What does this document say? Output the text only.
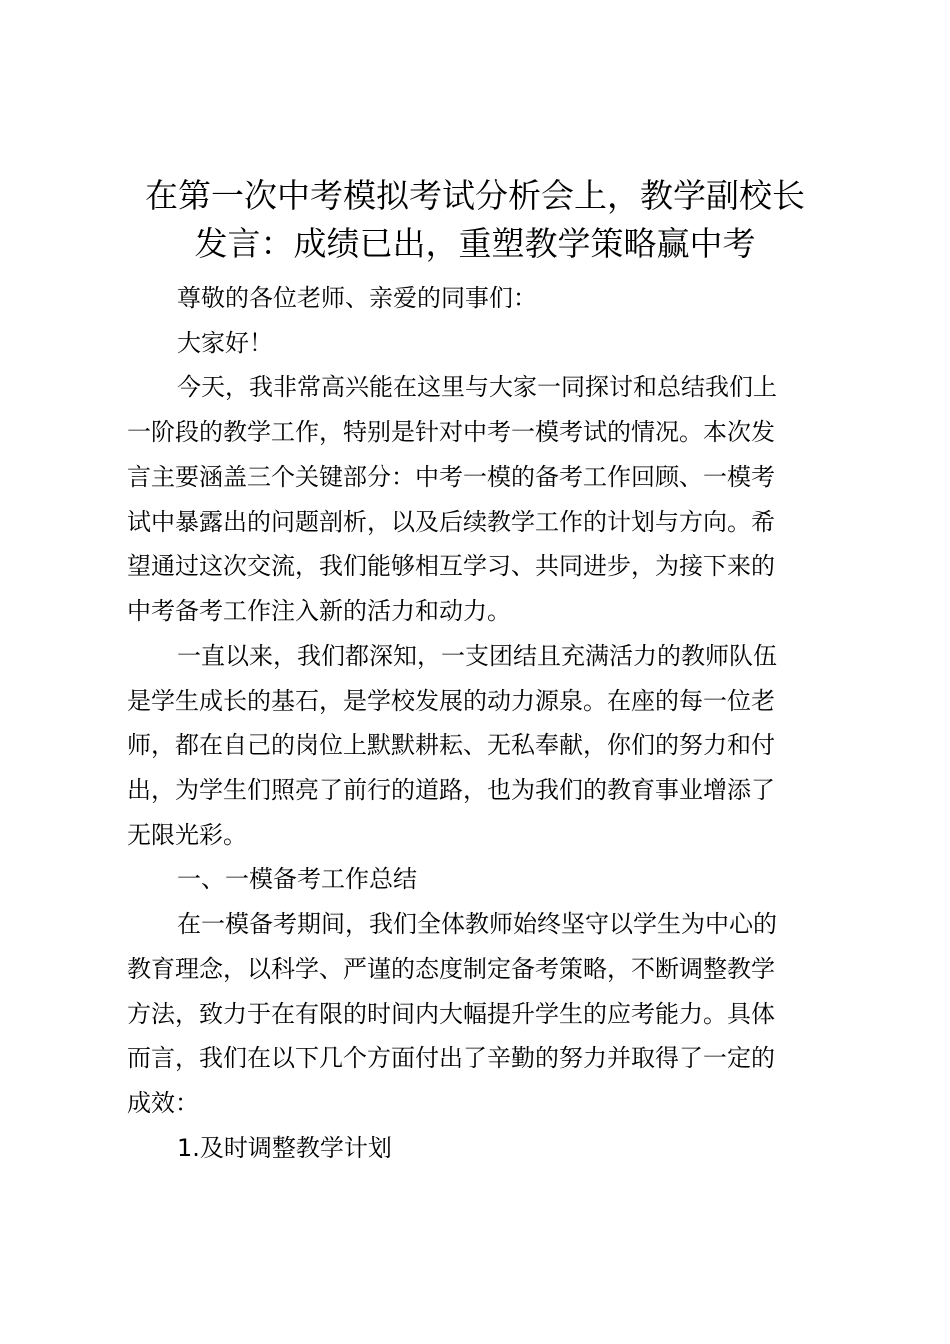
在第一次中考模拟考试分析会上，教学副校长
发言：成绩已出，重塑教学策略赢中考

尊敬的各位老师、亲爱的同事们：

大家好！

今天，我非常高兴能在这里与大家一同探讨和总结我们上

一阶段的教学工作，特别是针对中考一模考试的情况。本次发

言主要涵盖三个关键部分：中考一模的备考工作回顾、一模考

试中暴露出的问题剖析，以及后续教学工作的计划与方向。希

望通过这次交流，我们能够相互学习、共同进步，为接下来的

中考备考工作注入新的活力和动力。

一直以来，我们都深知，一支团结且充满活力的教师队伍

是学生成长的基石，是学校发展的动力源泉。在座的每一位老

师，都在自己的岗位上默默耕耘、无私奉献，你们的努力和付

出，为学生们照亮了前行的道路，也为我们的教育事业增添了

无限光彩。

一、一模备考工作总结

在一模备考期间，我们全体教师始终坚守以学生为中心的

教育理念，以科学、严谨的态度制定备考策略，不断调整教学

方法，致力于在有限的时间内大幅提升学生的应考能力。具体

而言，我们在以下几个方面付出了辛勤的努力并取得了一定的

成效：

1.及时调整教学计划
